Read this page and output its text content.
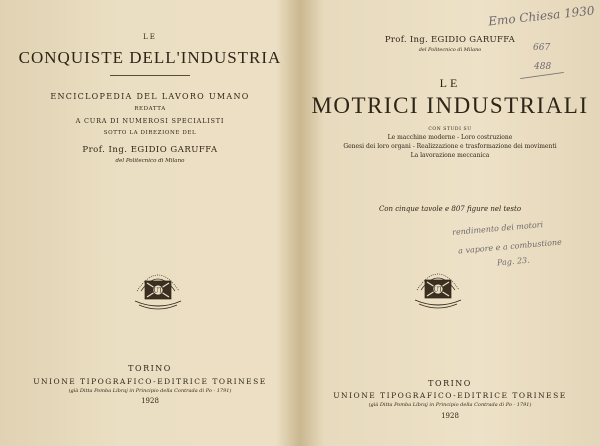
LE
CONQUISTE DELL'INDUSTRIA
ENCICLOPEDIA DEL LAVORO UMANO
REDATTA
A CURA DI NUMEROSI SPECIALISTI
SOTTO LA DIREZIONE DEL
Prof. Ing. EGIDIO GARUFFA
del Politecnico di Milano
UT
TORINO
UNIONE TIPOGRAFICO-EDITRICE TORINESE
(già Ditta Pomba Libraj in Principio della Contrada di Po - 1791)
1928
Prof. Ing. EGIDIO GARUFFA
del Politecnico di Milano
LE
MOTRICI INDUSTRIALI
CON STUDI SU
Le macchine moderne - Loro costruzione
Genesi dei loro organi - Realizzazione e trasformazione dei movimenti
La lavorazione meccanica
Con cinque tavole e 807 figure nel testo
UT
TORINO
UNIONE TIPOGRAFICO-EDITRICE TORINESE
(già Ditta Pomba Libraj in Principio della Contrada di Po - 1791)
1928
Emo Chiesa 1930
667
488
rendimento dei motori
a vapore e a combustione
Pag. 23.
